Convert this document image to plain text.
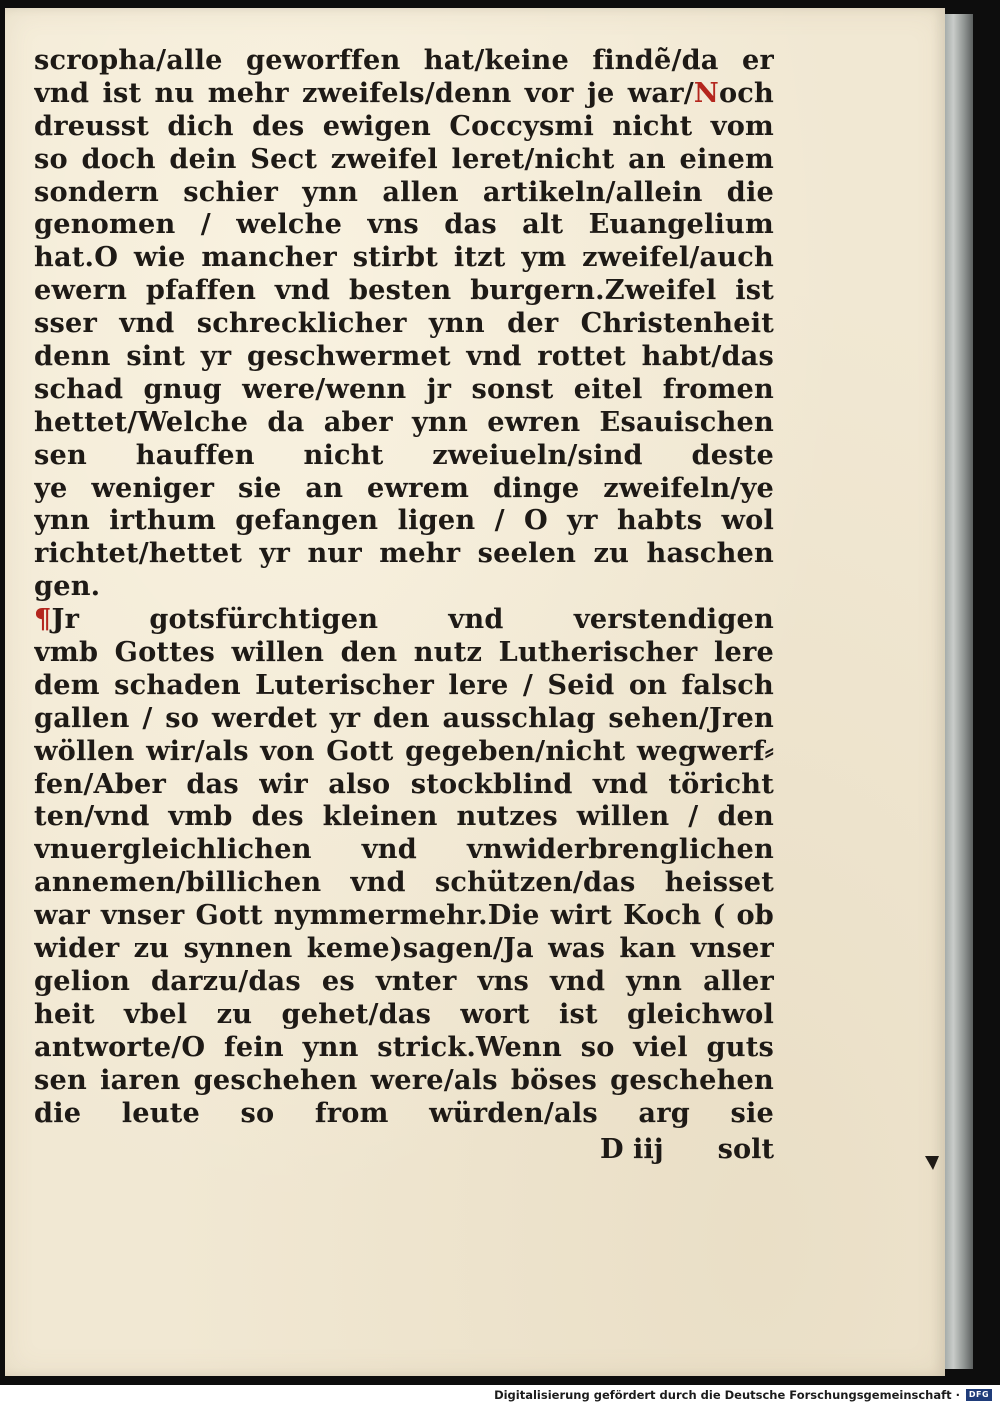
scropha/alle geworffen hat/keine findẽ/da er
vnd ist nu mehr zweifels/denn vor je war/Noch
dreusst dich des ewigen Coccysmi nicht vom
so doch dein Sect zweifel leret/nicht an einem
sondern schier ynn allen artikeln/allein die
genomen / welche vns das alt Euangelium
hat.O wie mancher stirbt itzt ym zweifel/auch
ewern pfaffen vnd besten burgern.Zweifel ist
sser vnd schrecklicher ynn der Christenheit
denn sint yr geschwermet vnd rottet habt/das
schad gnug were/wenn jr sonst eitel fromen
hettet/Welche da aber ynn ewren Esauischen
sen hauffen nicht zweiueln/sind deste
ye weniger sie an ewrem dinge zweifeln/ye
ynn irthum gefangen ligen / O yr habts wol
richtet/hettet yr nur mehr seelen zu haschen
gen.
¶Jr gotsfürchtigen vnd verstendigen
vmb Gottes willen den nutz Lutherischer lere
dem schaden Luterischer lere / Seid on falsch
gallen / so werdet yr den ausschlag sehen/Jren
wöllen wir/als von Gott gegeben/nicht wegwerf⸗
fen/Aber das wir also stockblind vnd töricht
ten/vnd vmb des kleinen nutzes willen / den
vnuergleichlichen vnd vnwiderbrenglichen
annemen/billichen vnd schützen/das heisset
war vnser Gott nymmermehr.Die wirt Koch ( ob
wider zu synnen keme)sagen/Ja was kan vnser
gelion darzu/das es vnter vns vnd ynn aller
heit vbel zu gehet/das wort ist gleichwol
antworte/O fein ynn strick.Wenn so viel guts
sen iaren geschehen were/als böses geschehen
die leute so from würden/als arg sie
D iij solt
Digitalisierung gefördert durch die Deutsche Forschungsgemeinschaft ·	DFG
